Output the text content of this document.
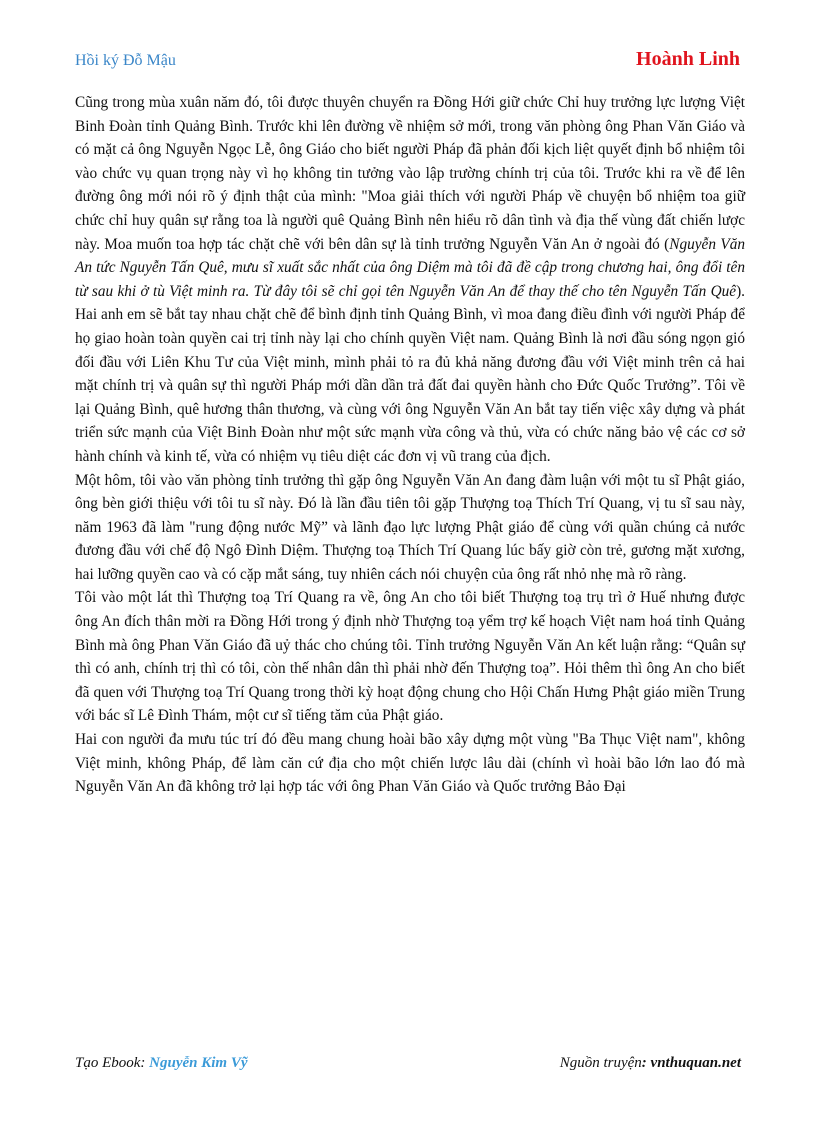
Hồi ký Đỗ Mậu	Hoành Linh

Cũng trong mùa xuân năm đó, tôi được thuyên chuyển ra Đồng Hới giữ chức Chỉ huy trưởng lực lượng Việt Binh Đoàn tỉnh Quảng Bình. Trước khi lên đường về nhiệm sở mới, trong văn phòng ông Phan Văn Giáo và có mặt cả ông Nguyễn Ngọc Lễ, ông Giáo cho biết người Pháp đã phản đối kịch liệt quyết định bổ nhiệm tôi vào chức vụ quan trọng này vì họ không tin tưởng vào lập trường chính trị của tôi. Trước khi ra về để lên đường ông mới nói rõ ý định thật của mình: "Moa giải thích với người Pháp về chuyện bổ nhiệm toa giữ chức chỉ huy quân sự rằng toa là người quê Quảng Bình nên hiểu rõ dân tình và địa thế vùng đất chiến lược này. Moa muốn toa hợp tác chặt chẽ với bên dân sự là tỉnh trưởng Nguyễn Văn An ở ngoài đó (Nguyễn Văn An tức Nguyễn Tấn Quê, mưu sĩ xuất sắc nhất của ông Diệm mà tôi đã đề cập trong chương hai, ông đổi tên từ sau khi ở tù Việt minh ra. Từ đây tôi sẽ chỉ gọi tên Nguyễn Văn An để thay thế cho tên Nguyễn Tấn Quê). Hai anh em sẽ bắt tay nhau chặt chẽ để bình định tỉnh Quảng Bình, vì moa đang điều đình với người Pháp để họ giao hoàn toàn quyền cai trị tỉnh này lại cho chính quyền Việt nam. Quảng Bình là nơi đầu sóng ngọn gió đối đầu với Liên Khu Tư của Việt minh, mình phải tỏ ra đủ khả năng đương đầu với Việt minh trên cả hai mặt chính trị và quân sự thì người Pháp mới dần dần trả đất đai quyền hành cho Đức Quốc Trưởng”. Tôi về lại Quảng Bình, quê hương thân thương, và cùng với ông Nguyễn Văn An bắt tay tiến việc xây dựng và phát triển sức mạnh của Việt Binh Đoàn như một sức mạnh vừa công và thủ, vừa có chức năng bảo vệ các cơ sở hành chính và kinh tế, vừa có nhiệm vụ tiêu diệt các đơn vị vũ trang của địch.

Một hôm, tôi vào văn phòng tỉnh trưởng thì gặp ông Nguyễn Văn An đang đàm luận với một tu sĩ Phật giáo, ông bèn giới thiệu với tôi tu sĩ này. Đó là lần đầu tiên tôi gặp Thượng toạ Thích Trí Quang, vị tu sĩ sau này, năm 1963 đã làm "rung động nước Mỹ” và lãnh đạo lực lượng Phật giáo để cùng với quần chúng cả nước đương đầu với chế độ Ngô Đình Diệm. Thượng toạ Thích Trí Quang lúc bấy giờ còn trẻ, gương mặt xương, hai lưỡng quyền cao và có cặp mắt sáng, tuy nhiên cách nói chuyện của ông rất nhỏ nhẹ mà rõ ràng.

Tôi vào một lát thì Thượng toạ Trí Quang ra về, ông An cho tôi biết Thượng toạ trụ trì ở Huế nhưng được ông An đích thân mời ra Đồng Hới trong ý định nhờ Thượng toạ yểm trợ kế hoạch Việt nam hoá tỉnh Quảng Bình mà ông Phan Văn Giáo đã uỷ thác cho chúng tôi. Tỉnh trưởng Nguyễn Văn An kết luận rằng: “Quân sự thì có anh, chính trị thì có tôi, còn thế nhân dân thì phải nhờ đến Thượng toạ”. Hỏi thêm thì ông An cho biết đã quen với Thượng toạ Trí Quang trong thời kỳ hoạt động chung cho Hội Chấn Hưng Phật giáo miền Trung với bác sĩ Lê Đình Thám, một cư sĩ tiếng tăm của Phật giáo.

Hai con người đa mưu túc trí đó đều mang chung hoài bão xây dựng một vùng "Ba Thục Việt nam", không Việt minh, không Pháp, để làm căn cứ địa cho một chiến lược lâu dài (chính vì hoài bão lớn lao đó mà Nguyễn Văn An đã không trở lại hợp tác với ông Phan Văn Giáo và Quốc trưởng Bảo Đại

Tạo Ebook: Nguyễn Kim Vỹ	Nguồn truyện: vnthuquan.net
